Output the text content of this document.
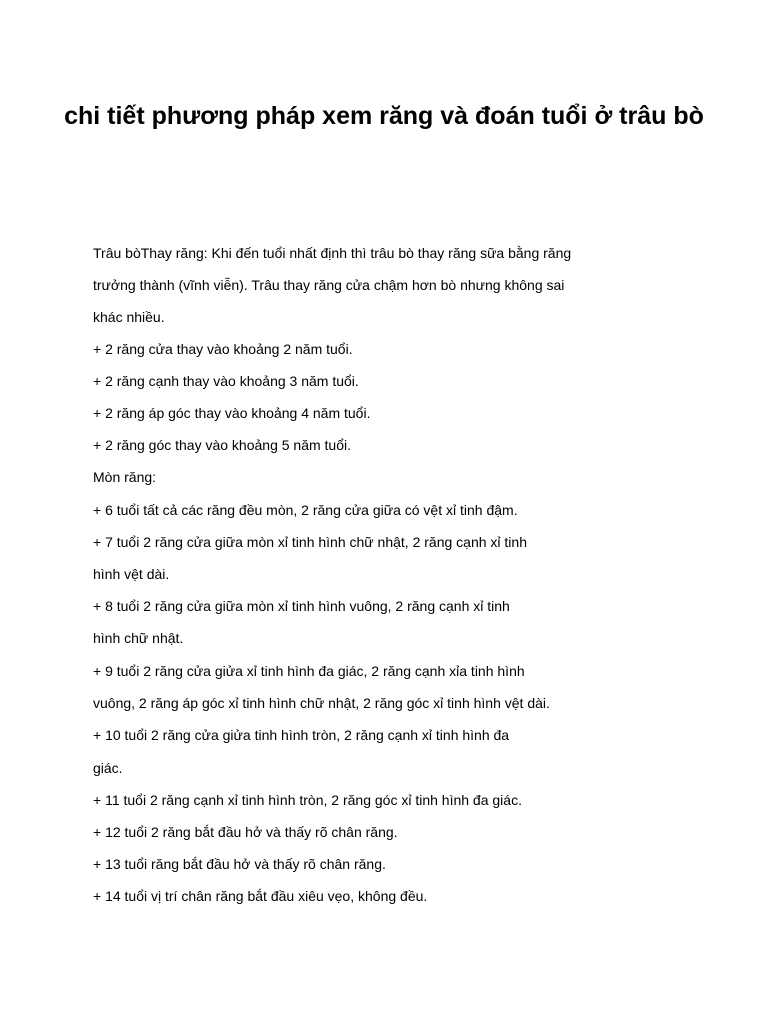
chi tiết phương pháp xem răng và đoán tuổi ở trâu bò

Trâu bòThay răng: Khi đến tuổi nhất định thì trâu bò thay răng sữa bằng răng

trưởng thành (vĩnh viễn). Trâu thay răng cửa chậm hơn bò nhưng không sai

khác nhiều.

+ 2 răng cửa thay vào khoảng 2 năm tuổi.

+ 2 răng cạnh thay vào khoảng 3 năm tuổi.

+ 2 răng áp góc thay vào khoảng 4 năm tuổi.

+ 2 răng góc thay vào khoảng 5 năm tuổi.

Mòn răng:

+ 6 tuổi tất cả các răng đều mòn, 2 răng cửa giữa có vệt xỉ tinh đậm.

+ 7 tuổi 2 răng cửa giữa mòn xỉ tinh hình chữ nhật, 2 răng cạnh xỉ tinh

hình vệt dài.

+ 8 tuổi 2 răng cửa giữa mòn xỉ tinh hình vuông, 2 răng cạnh xỉ tinh

hình chữ nhật.

+ 9 tuổi 2 răng cửa giửa xỉ tinh hình đa giác, 2 răng cạnh xỉa tinh hình

vuông, 2 răng áp góc xỉ tinh hình chữ nhật, 2 răng góc xỉ tinh hình vệt dài.

+ 10 tuổi 2 răng cửa giửa tinh hình tròn, 2 răng cạnh xỉ tinh hình đa

giác.

+ 11 tuổi 2 răng cạnh xỉ tinh hình tròn, 2 răng góc xỉ tinh hình đa giác.

+ 12 tuổi 2 răng bắt đầu hở và thấy rõ chân răng.

+ 13 tuổi răng bắt đầu hở và thấy rõ chân răng.

+ 14 tuổi vị trí chân răng bắt đầu xiêu vẹo, không đều.
